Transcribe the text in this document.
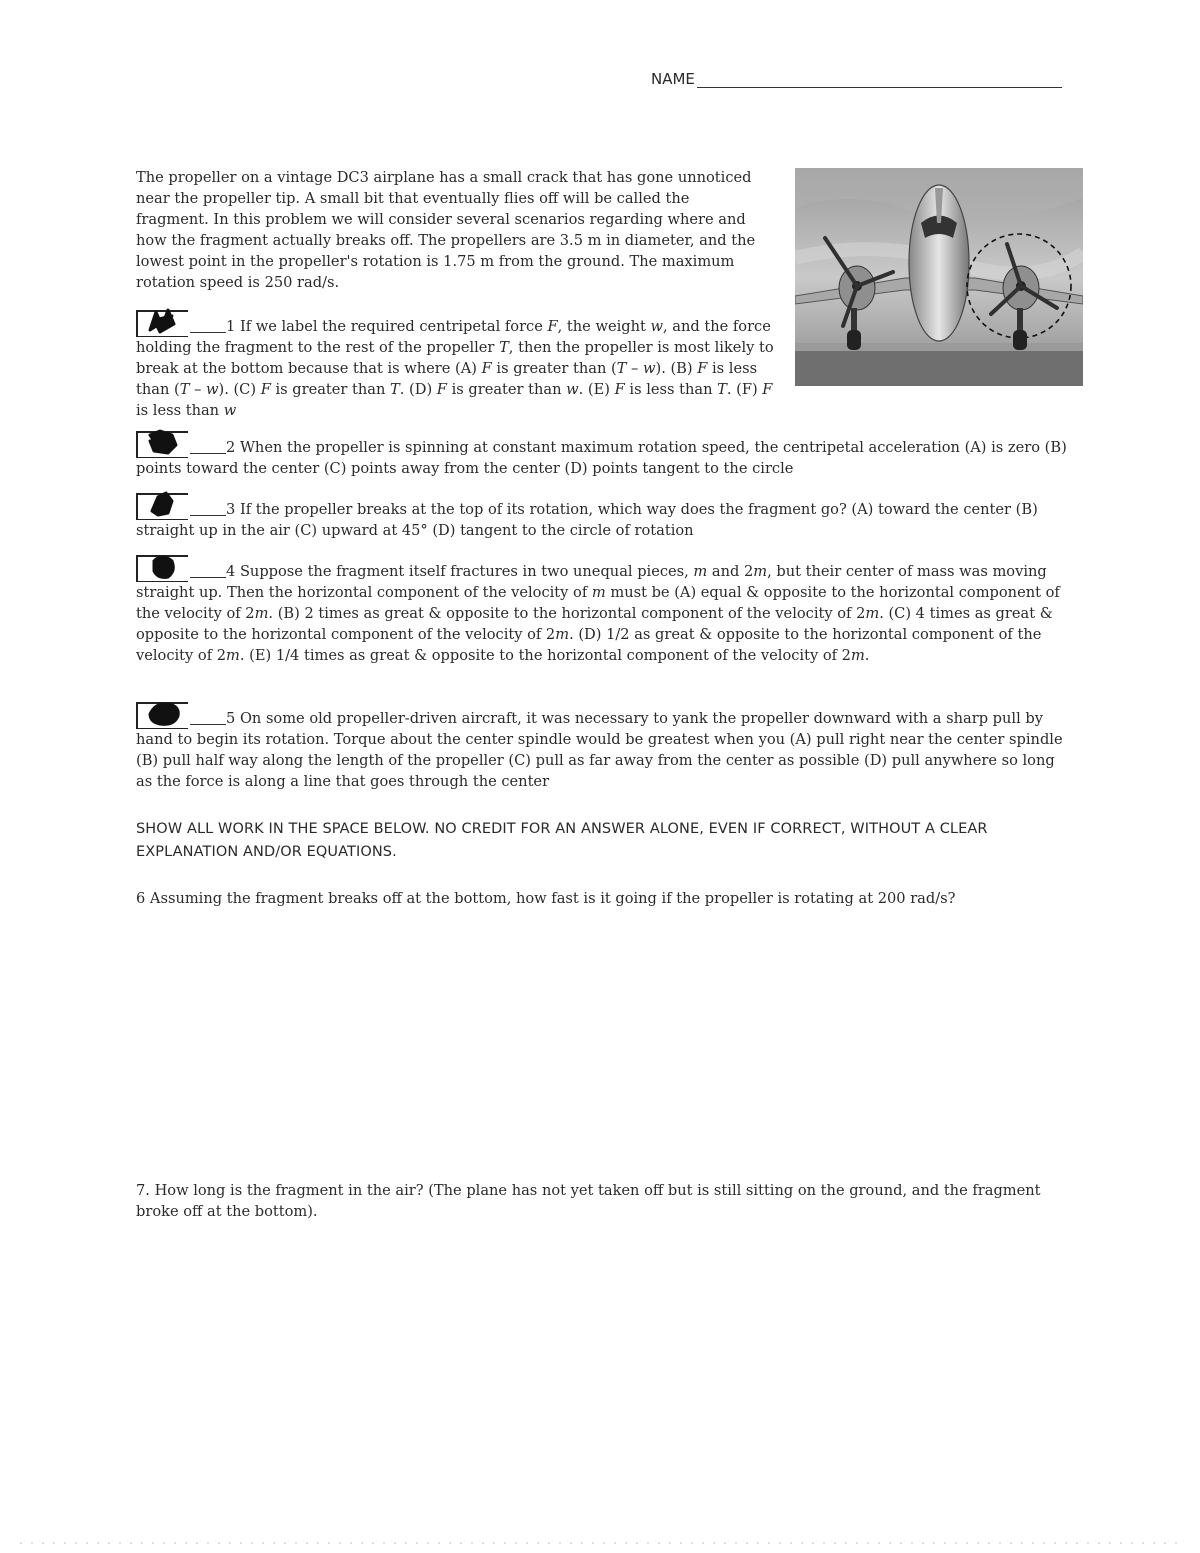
NAME
The propeller on a vintage DC3 airplane has a small crack that has gone unnoticed near the propeller tip. A small bit that eventually flies off will be called the fragment. In this problem we will consider several scenarios regarding where and how the fragment actually breaks off. The propellers are 3.5 m in diameter, and the lowest point in the propeller's rotation is 1.75 m from the ground. The maximum rotation speed is 250 rad/s.
1 If we label the required centripetal force F, the weight w, and the force holding the fragment to the rest of the propeller T, then the propeller is most likely to break at the bottom because that is where (A) F is greater than (T – w). (B) F is less than (T – w). (C) F is greater than T. (D) F is greater than w. (E) F is less than T. (F) F is less than w
2 When the propeller is spinning at constant maximum rotation speed, the centripetal acceleration (A) is zero (B) points toward the center (C) points away from the center (D) points tangent to the circle
3 If the propeller breaks at the top of its rotation, which way does the fragment go? (A) toward the center (B) straight up in the air (C) upward at 45° (D) tangent to the circle of rotation
4 Suppose the fragment itself fractures in two unequal pieces, m and 2m, but their center of mass was moving straight up. Then the horizontal component of the velocity of m must be (A) equal & opposite to the horizontal component of the velocity of 2m. (B) 2 times as great & opposite to the horizontal component of the velocity of 2m. (C) 4 times as great & opposite to the horizontal component of the velocity of 2m. (D) 1/2 as great & opposite to the horizontal component of the velocity of 2m. (E) 1/4 times as great & opposite to the horizontal component of the velocity of 2m.
5 On some old propeller-driven aircraft, it was necessary to yank the propeller downward with a sharp pull by hand to begin its rotation. Torque about the center spindle would be greatest when you (A) pull right near the center spindle (B) pull half way along the length of the propeller (C) pull as far away from the center as possible (D) pull anywhere so long as the force is along a line that goes through the center
SHOW ALL WORK IN THE SPACE BELOW. NO CREDIT FOR AN ANSWER ALONE, EVEN IF CORRECT, WITHOUT A CLEAR EXPLANATION AND/OR EQUATIONS.
6 Assuming the fragment breaks off at the bottom, how fast is it going if the propeller is rotating at 200 rad/s?
7. How long is the fragment in the air? (The plane has not yet taken off but is still sitting on the ground, and the fragment broke off at the bottom).
